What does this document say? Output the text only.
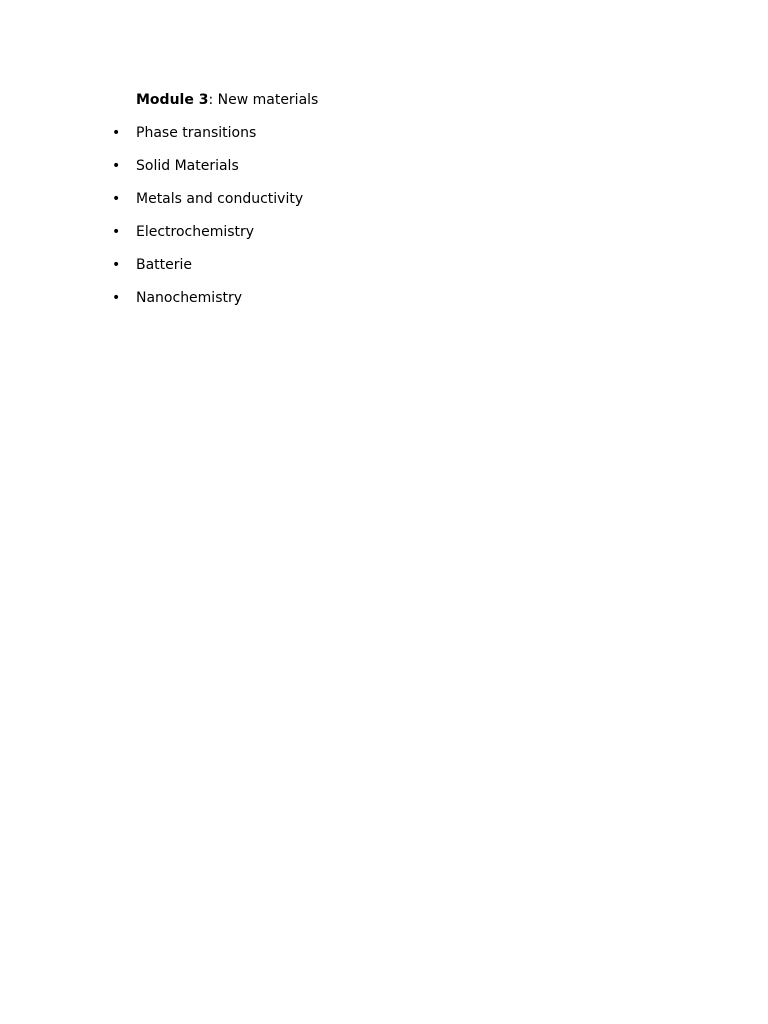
Module 3: New materials
• Phase transitions
• Solid Materials
• Metals and conductivity
• Electrochemistry
• Batterie
• Nanochemistry
